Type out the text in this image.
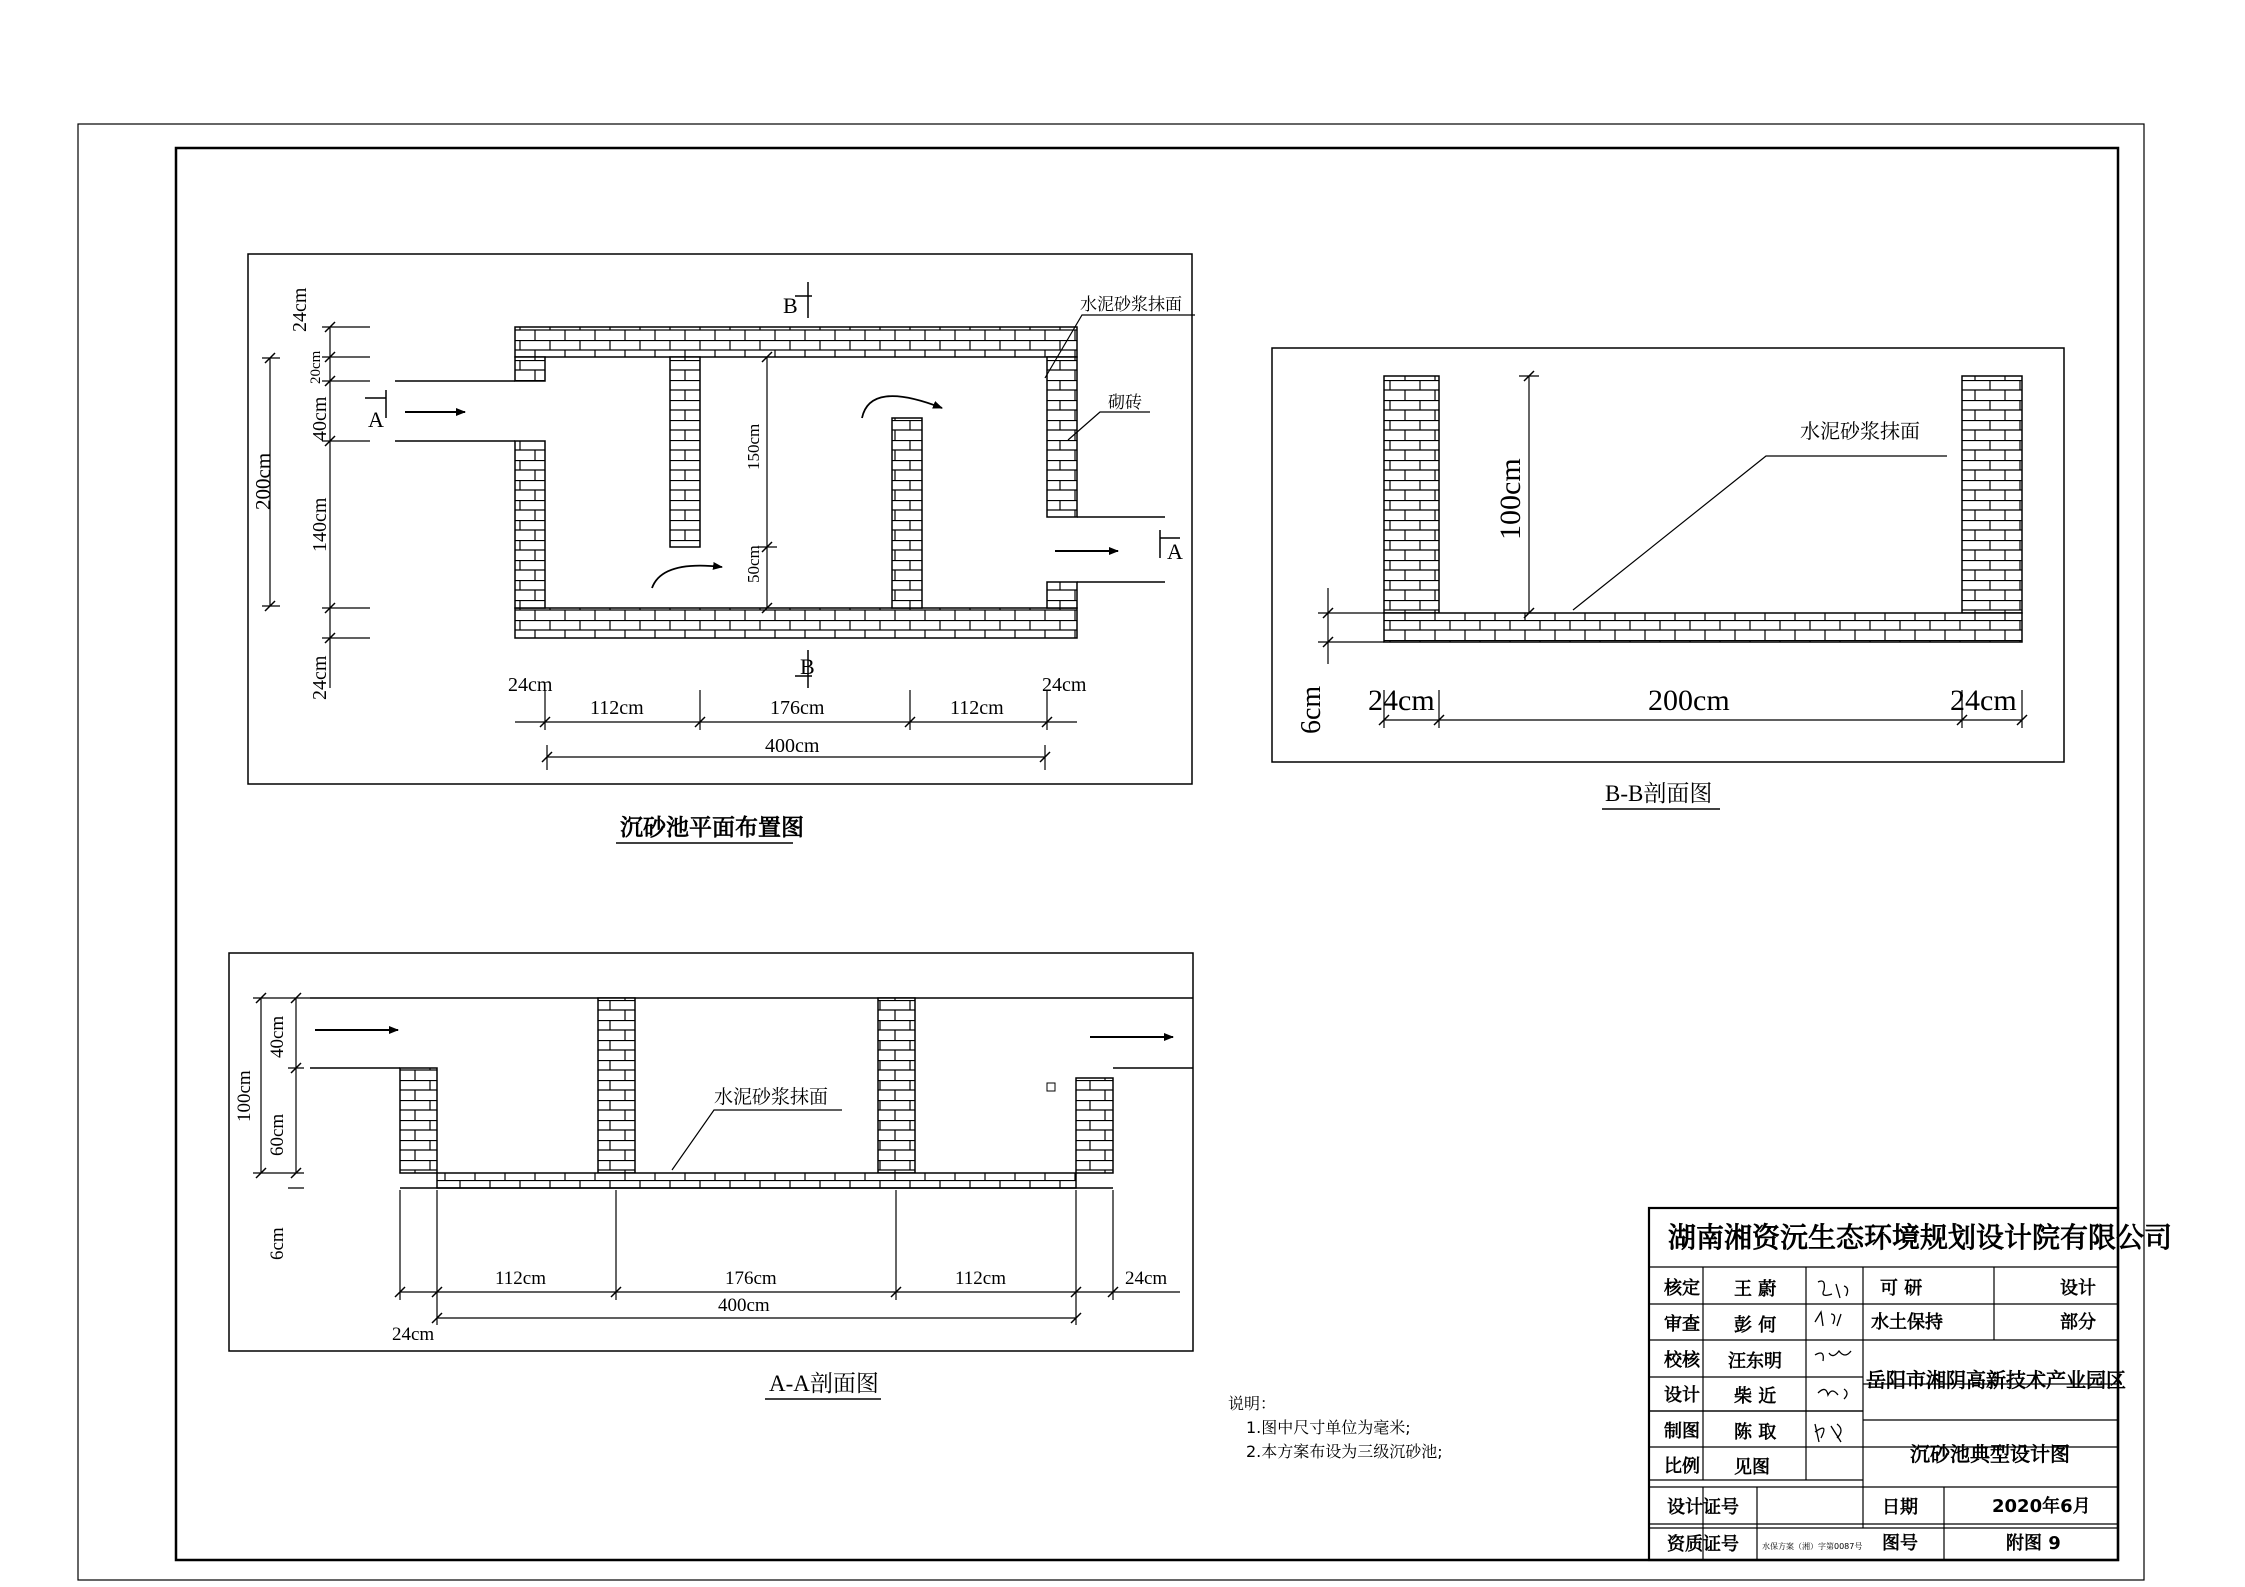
A
A
B
B
水泥砂浆抹面
砌砖
24cm
20cm
40cm
200cm
140cm
24cm
150cm
50cm
24cm
112cm	176cm	112cm
24cm
400cm
沉砂池平面布置图
水泥砂浆抹面
100cm
6cm 24cm	200cm	24cm
B-B剖面图
水泥砂浆抹面
40cm
100cm
60cm
6cm
112cm	176cm	112cm	24cm
400cm
24cm
A-A剖面图
说明：
1.图中尺寸单位为毫米;
2.本方案布设为三级沉砂池;
湖南湘资沅生态环境规划设计院有限公司
核定 王 蔚
审查 彭 何
校核 汪东明
设计 柴 近
制图 陈 取
比例 见图
可 研	设计
水土保持	部分
岳阳市湘阴高新技术产业园区
沉砂池典型设计图
设计证号
资质证号	水保方案（湘）字第0087号
日期	2020年6月
图号	附图 9
